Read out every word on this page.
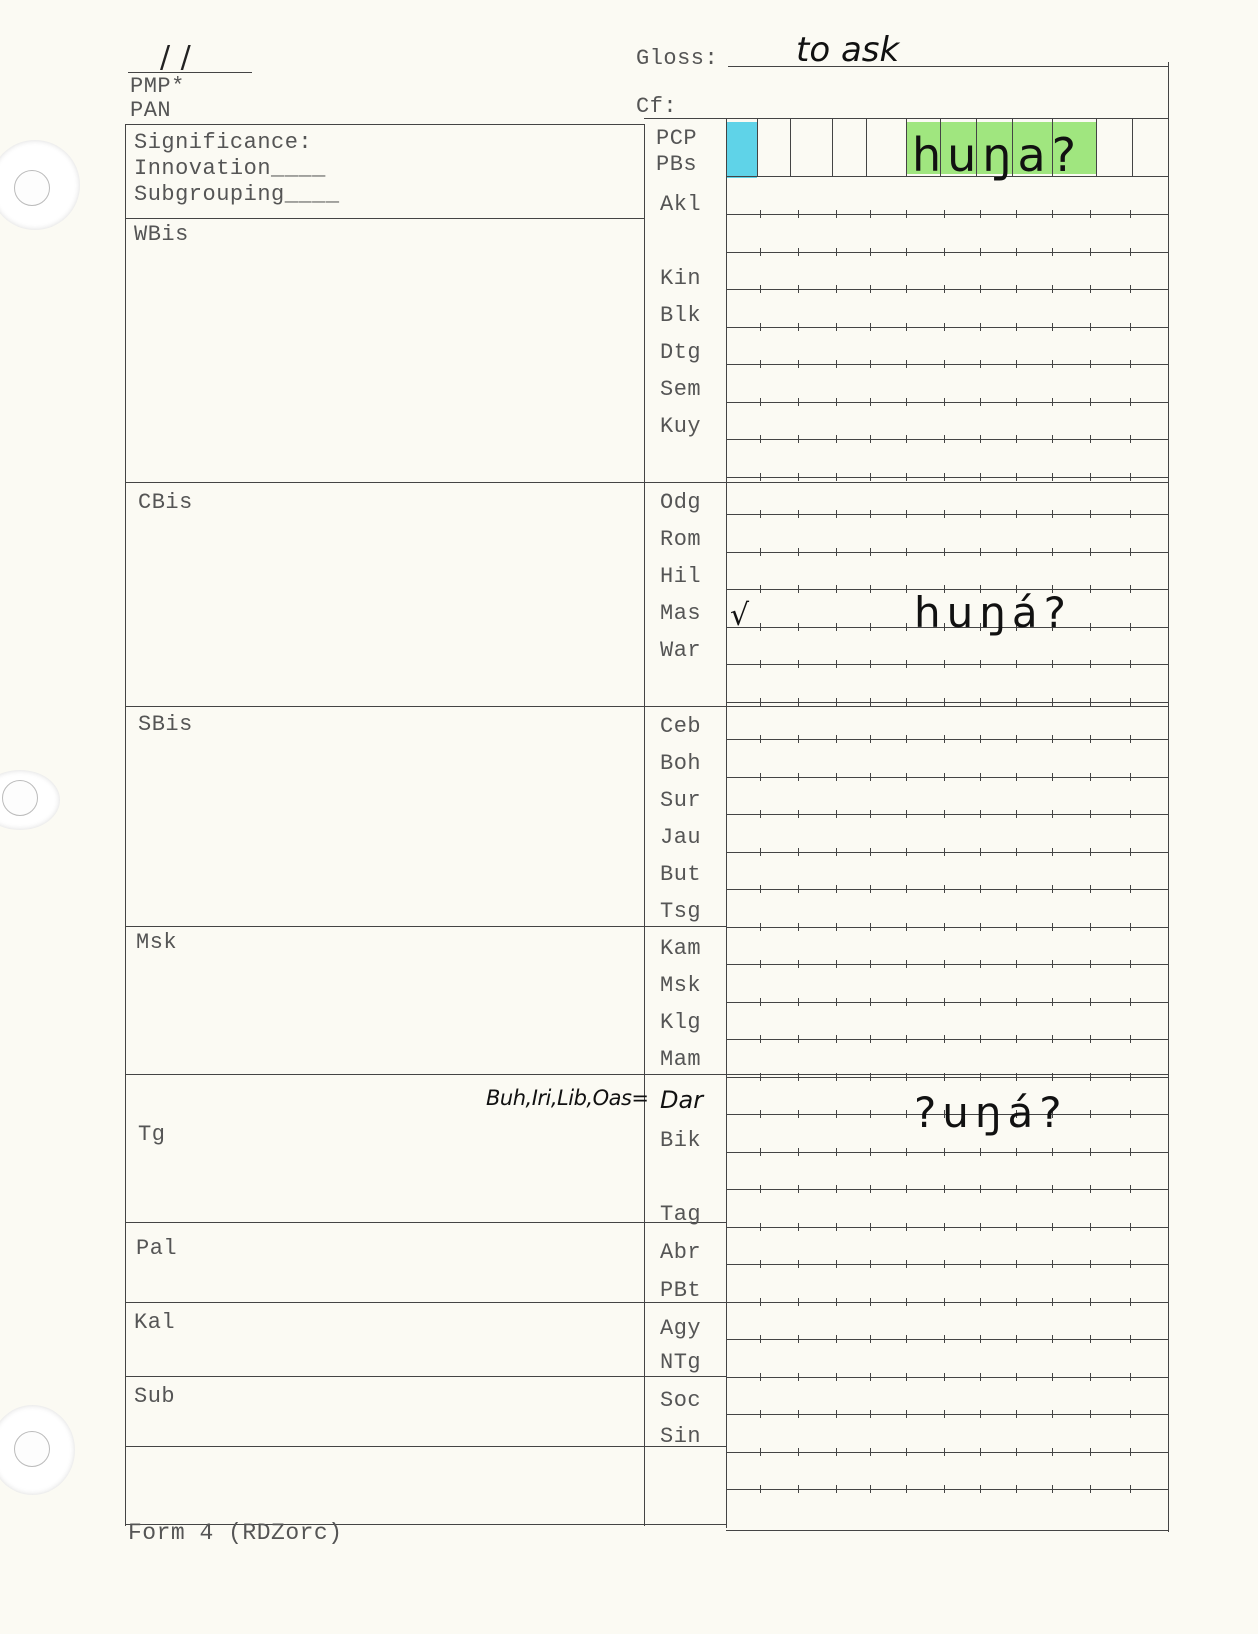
/ /
PMP*
PAN
Gloss: to ask
Cf:
Significance:
Innovation____
Subgrouping____
WBis
CBis
SBis
Msk
Tg
Pal
Kal
Sub
PCP
PBs
Akl
Kin
Blk
Dtg
Sem
Kuy
Odg
Rom
Hil
Mas
War
Ceb
Boh
Sur
Jau
But
Tsg
Kam
Msk
Klg
Mam
Buh,Iri,Lib,Oas= Dar
Bik
Tag
Abr
PBt
Agy
NTg
Soc
Sin
huŋa?
√	huŋá?
?uŋá?
Form 4 (RDZorc)
